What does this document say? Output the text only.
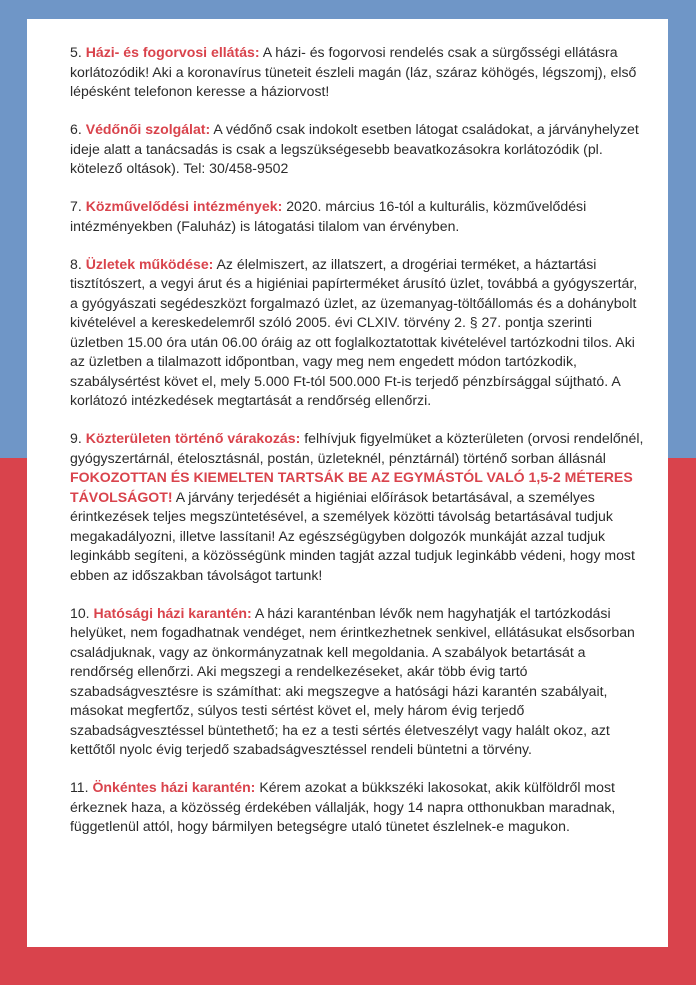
5. Házi- és fogorvosi ellátás: A házi- és fogorvosi rendelés csak a sürgősségi ellátásra korlátozódik! Aki a koronavírus tüneteit észleli magán (láz, száraz köhögés, légszomj), első lépésként telefonon keresse a háziorvost!

6. Védőnői szolgálat: A védőnő csak indokolt esetben látogat családokat, a járványhelyzet ideje alatt a tanácsadás is csak a legszükségesebb beavatkozásokra korlátozódik (pl. kötelező oltások). Tel: 30/458-9502

7. Közművelődési intézmények: 2020. március 16-tól a kulturális, közművelődési intézményekben (Faluház) is látogatási tilalom van érvényben.

8. Üzletek működése: Az élelmiszert, az illatszert, a drogériai terméket, a háztartási tisztítószert, a vegyi árut és a higiéniai papírterméket árusító üzlet, továbbá a gyógyszertár, a gyógyászati segédeszközt forgalmazó üzlet, az üzemanyag-töltőállomás és a dohánybolt kivételével a kereskedelemről szóló 2005. évi CLXIV. törvény 2. § 27. pontja szerinti üzletben 15.00 óra után 06.00 óráig az ott foglalkoztatottak kivételével tartózkodni tilos. Aki az üzletben a tilalmazott időpontban, vagy meg nem engedett módon tartózkodik, szabálysértést követ el, mely 5.000 Ft-tól 500.000 Ft-is terjedő pénzbírsággal sújtható. A korlátozó intézkedések megtartását a rendőrség ellenőrzi.

9. Közterületen történő várakozás: felhívjuk figyelmüket a közterületen (orvosi rendelőnél, gyógyszertárnál, ételosztásnál, postán, üzleteknél, pénztárnál) történő sorban állásnál FOKOZOTTAN ÉS KIEMELTEN TARTSÁK BE AZ EGYMÁSTÓL VALÓ 1,5-2 MÉTERES TÁVOLSÁGOT! A járvány terjedését a higiéniai előírások betartásával, a személyes érintkezések teljes megszüntetésével, a személyek közötti távolság betartásával tudjuk megakadályozni, illetve lassítani! Az egészségügyben dolgozók munkáját azzal tudjuk leginkább segíteni, a közösségünk minden tagját azzal tudjuk leginkább védeni, hogy most ebben az időszakban távolságot tartunk!

10. Hatósági házi karantén: A házi karanténban lévők nem hagyhatják el tartózkodási helyüket, nem fogadhatnak vendéget, nem érintkezhetnek senkivel, ellátásukat elsősorban családjuknak, vagy az önkormányzatnak kell megoldania. A szabályok betartását a rendőrség ellenőrzi. Aki megszegi a rendelkezéseket, akár több évig tartó szabadságvesztésre is számíthat: aki megszegve a hatósági házi karantén szabályait, másokat megfertőz, súlyos testi sértést követ el, mely három évig terjedő szabadságvesztéssel büntethető; ha ez a testi sértés életveszélyt vagy halált okoz, azt kettőtől nyolc évig terjedő szabadságvesztéssel rendeli büntetni a törvény.

11. Önkéntes házi karantén: Kérem azokat a bükkszéki lakosokat, akik külföldről most érkeznek haza, a közösség érdekében vállalják, hogy 14 napra otthonukban maradnak, függetlenül attól, hogy bármilyen betegségre utaló tünetet észlelnek-e magukon.
